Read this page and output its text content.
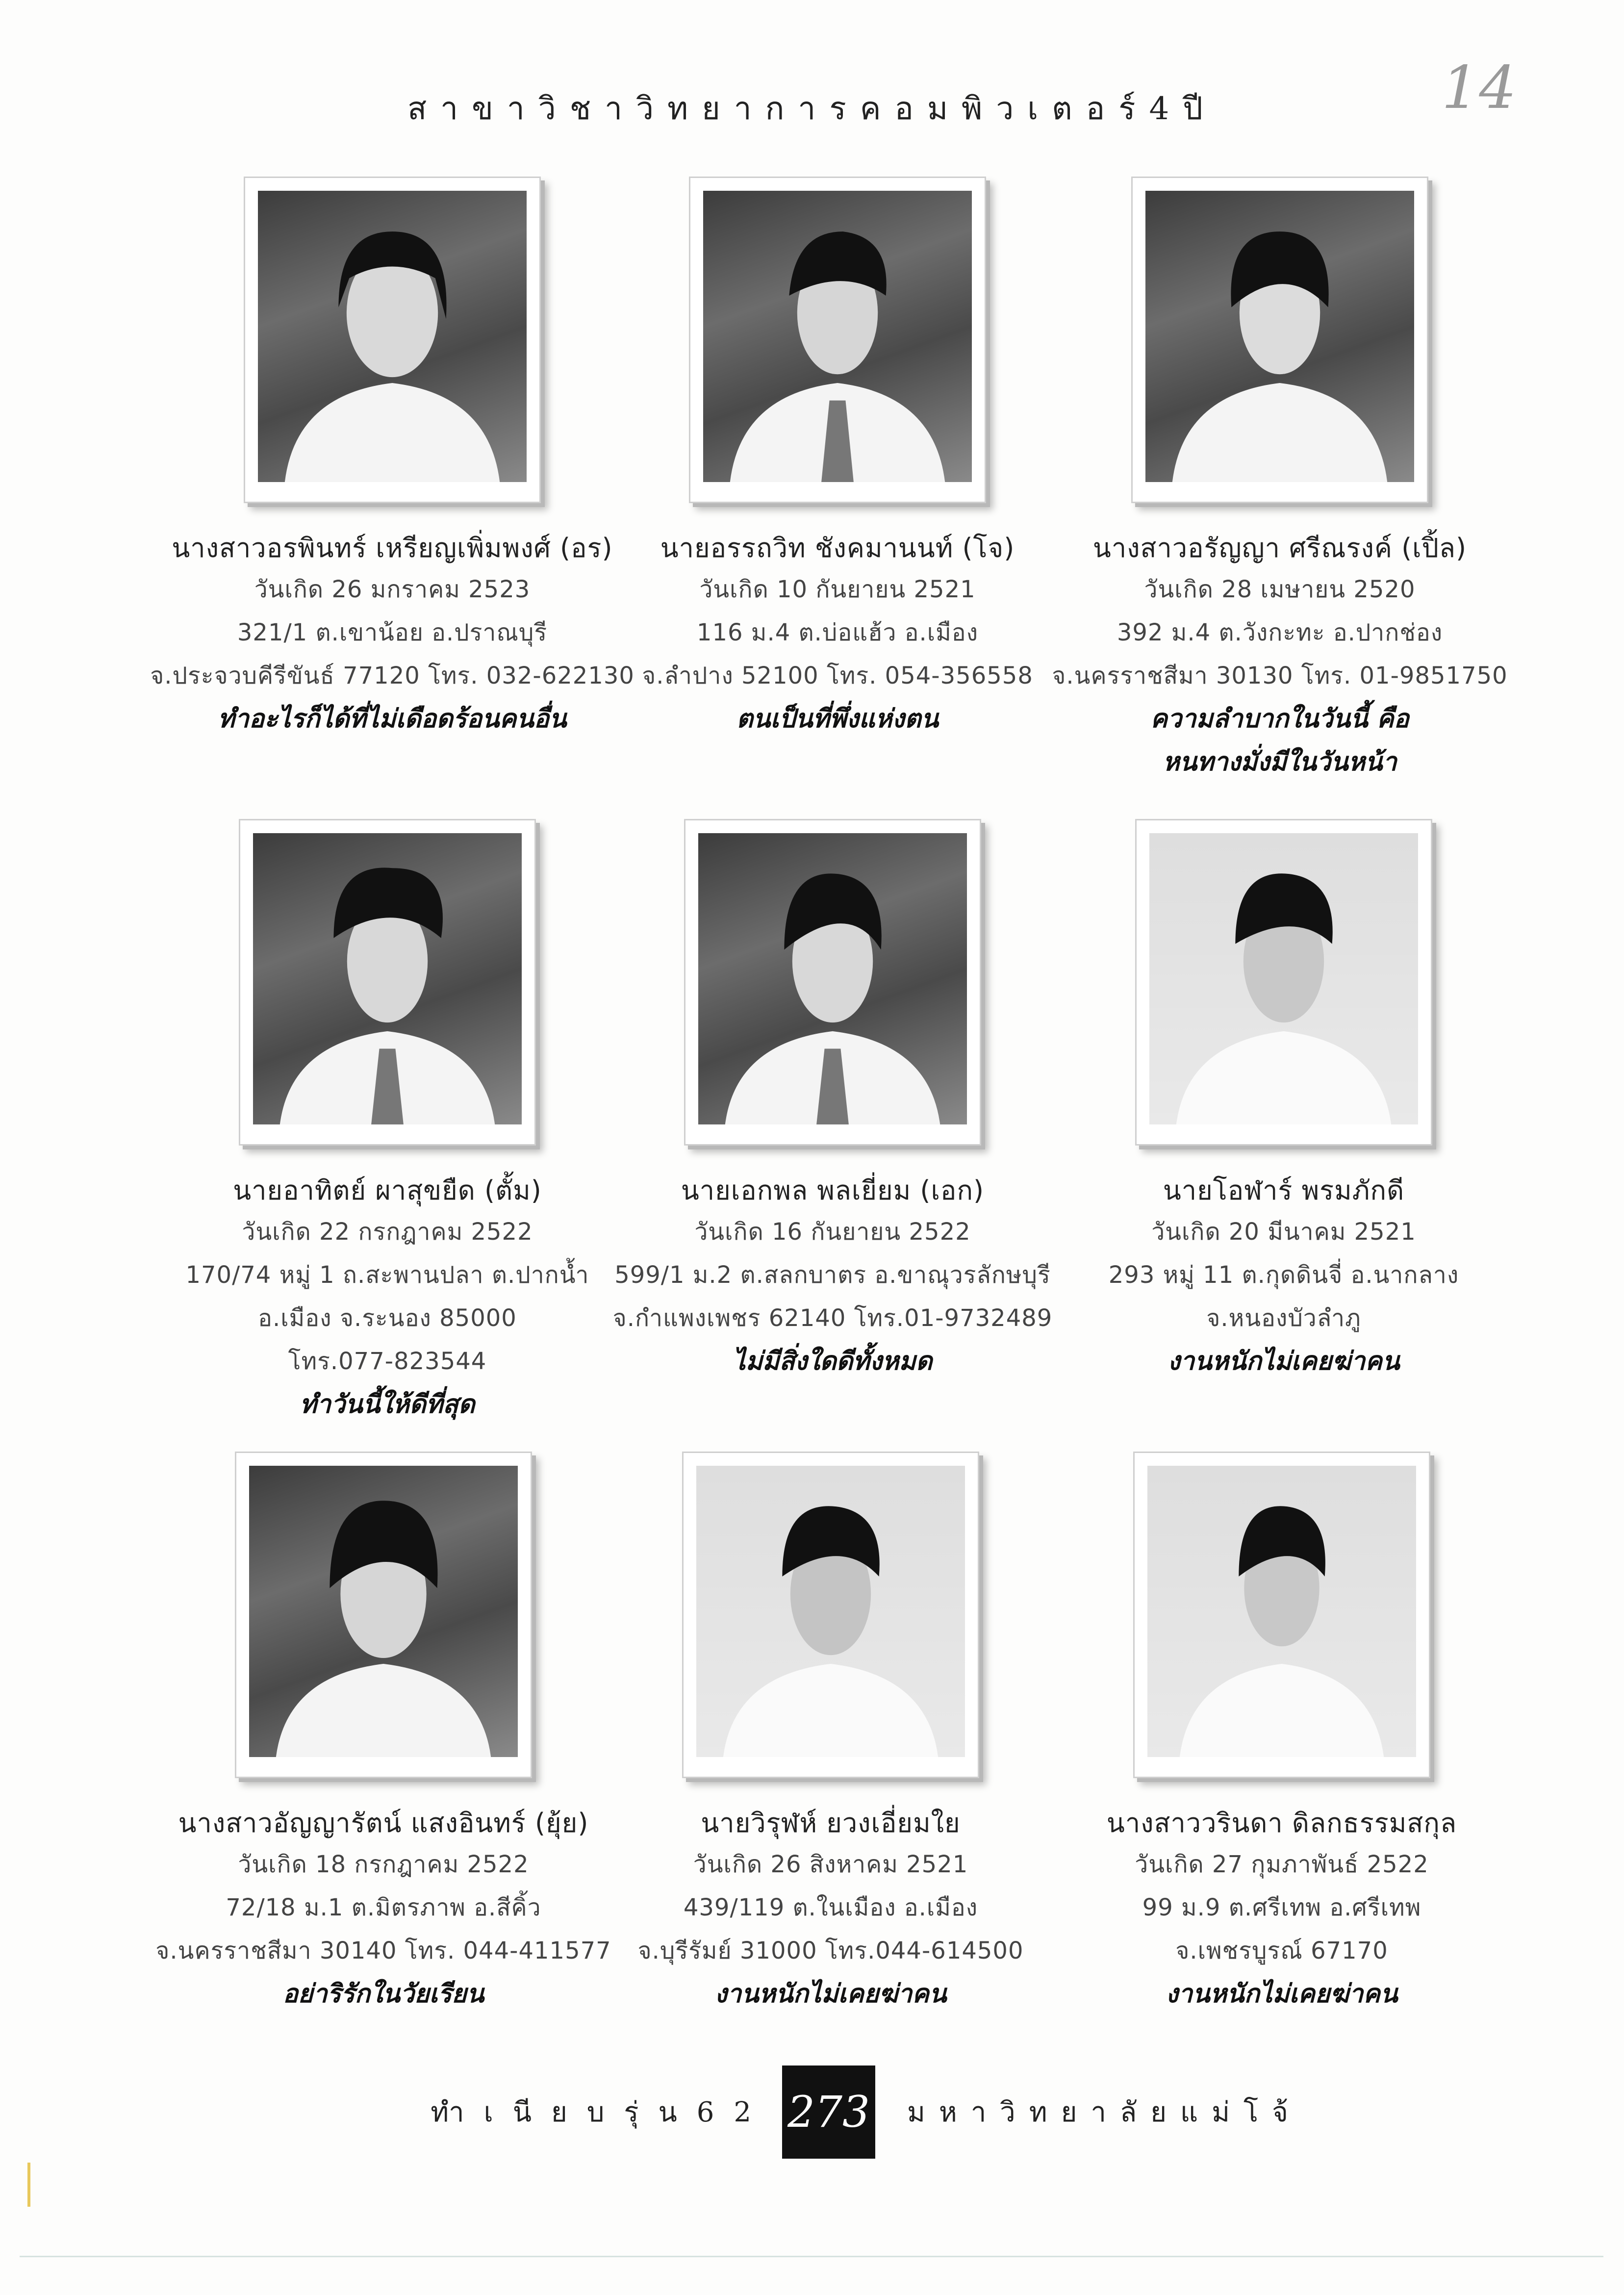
สาขาวิชาวิทยาการคอมพิวเตอร์4ปี	14
นางสาวอรพินทร์ เหรียญเพิ่มพงศ์ (อร)
วันเกิด 26 มกราคม 2523
321/1 ต.เขาน้อย อ.ปราณบุรี
จ.ประจวบคีรีขันธ์ 77120 โทร. 032-622130
ทำอะไรก็ได้ที่ไม่เดือดร้อนคนอื่น
นายอรรถวิท ชังคมานนท์ (โจ)
วันเกิด 10 กันยายน 2521
116 ม.4 ต.บ่อแฮ้ว อ.เมือง
จ.ลำปาง 52100 โทร. 054-356558
ตนเป็นที่พึ่งแห่งตน
นางสาวอรัญญา ศรีณรงค์ (เปิ้ล)
วันเกิด 28 เมษายน 2520
392 ม.4 ต.วังกะทะ อ.ปากช่อง
จ.นครราชสีมา 30130 โทร. 01-9851750
ความลำบากในวันนี้ คือ
หนทางมั่งมีในวันหน้า
นายอาทิตย์ ผาสุขยืด (ตั้ม)
วันเกิด 22 กรกฎาคม 2522
170/74 หมู่ 1 ถ.สะพานปลา ต.ปากน้ำ
อ.เมือง จ.ระนอง 85000
โทร.077-823544
ทำวันนี้ให้ดีที่สุด
นายเอกพล พลเยี่ยม (เอก)
วันเกิด 16 กันยายน 2522
599/1 ม.2 ต.สลกบาตร อ.ขาณุวรลักษบุรี
จ.กำแพงเพชร 62140 โทร.01-9732489
ไม่มีสิ่งใดดีทั้งหมด
นายโอฬาร์ พรมภักดี
วันเกิด 20 มีนาคม 2521
293 หมู่ 11 ต.กุดดินจี่ อ.นากลาง
จ.หนองบัวลำภู
งานหนักไม่เคยฆ่าคน
นางสาวอัญญารัตน์ แสงอินทร์ (ยุ้ย)
วันเกิด 18 กรกฎาคม 2522
72/18 ม.1 ต.มิตรภาพ อ.สีคิ้ว
จ.นครราชสีมา 30140 โทร. 044-411577
อย่าริรักในวัยเรียน
นายวิรุฬห์ ยวงเอี่ยมใย
วันเกิด 26 สิงหาคม 2521
439/119 ต.ในเมือง อ.เมือง
จ.บุรีรัมย์ 31000 โทร.044-614500
งานหนักไม่เคยฆ่าคน
นางสาววรินดา ดิลกธรรมสกุล
วันเกิด 27 กุมภาพันธ์ 2522
99 ม.9 ต.ศรีเทพ อ.ศรีเทพ
จ.เพชรบูรณ์ 67170
งานหนักไม่เคยฆ่าคน
ทำเนียบรุ่น62 273 มหาวิทยาลัยแม่โจ้
